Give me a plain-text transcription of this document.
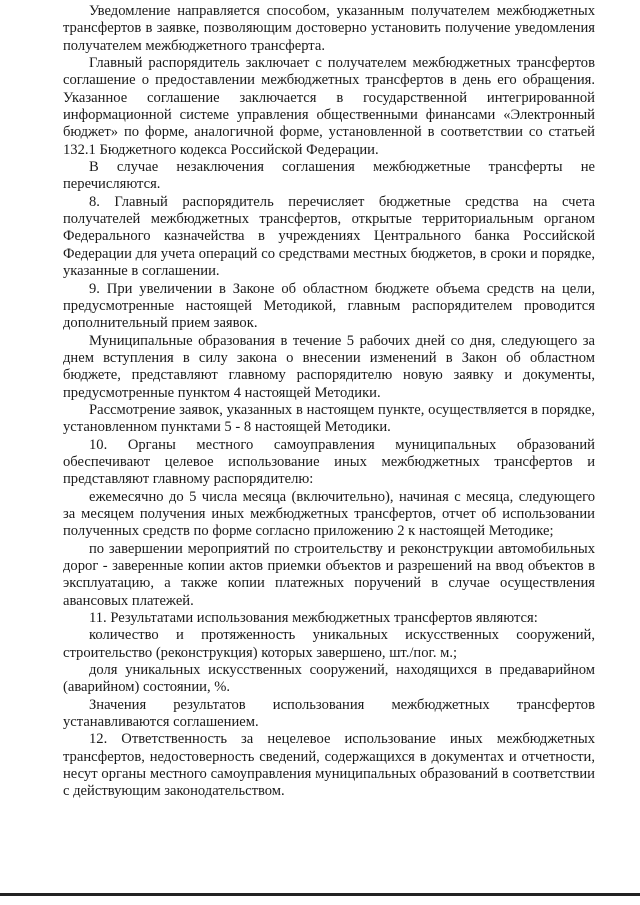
Уведомление направляется способом, указанным получателем межбюджетных трансфертов в заявке, позволяющим достоверно установить получение уведомления получателем межбюджетного трансферта.

Главный распорядитель заключает с получателем межбюджетных трансфертов соглашение о предоставлении межбюджетных трансфертов в день его обращения. Указанное соглашение заключается в государственной интегрированной информационной системе управления общественными финансами «Электронный бюджет» по форме, аналогичной форме, установленной в соответствии со статьей 132.1 Бюджетного кодекса Российской Федерации.

В случае незаключения соглашения межбюджетные трансферты не перечисляются.

8. Главный распорядитель перечисляет бюджетные средства на счета получателей межбюджетных трансфертов, открытые территориальным органом Федерального казначейства в учреждениях Центрального банка Российской Федерации для учета операций со средствами местных бюджетов, в сроки и порядке, указанные в соглашении.

9. При увеличении в Законе об областном бюджете объема средств на цели, предусмотренные настоящей Методикой, главным распорядителем проводится дополнительный прием заявок.

Муниципальные образования в течение 5 рабочих дней со дня, следующего за днем вступления в силу закона о внесении изменений в Закон об областном бюджете, представляют главному распорядителю новую заявку и документы, предусмотренные пунктом 4 настоящей Методики.

Рассмотрение заявок, указанных в настоящем пункте, осуществляется в порядке, установленном пунктами 5 - 8 настоящей Методики.

10. Органы местного самоуправления муниципальных образований обеспечивают целевое использование иных межбюджетных трансфертов и представляют главному распорядителю:

ежемесячно до 5 числа месяца (включительно), начиная с месяца, следующего за месяцем получения иных межбюджетных трансфертов, отчет об использовании полученных средств по форме согласно приложению 2 к настоящей Методике;

по завершении мероприятий по строительству и реконструкции автомобильных дорог - заверенные копии актов приемки объектов и разрешений на ввод объектов в эксплуатацию, а также копии платежных поручений в случае осуществления авансовых платежей.

11. Результатами использования межбюджетных трансфертов являются:

количество и протяженность уникальных искусственных сооружений, строительство (реконструкция) которых завершено, шт./пог. м.;

доля уникальных искусственных сооружений, находящихся в предаварийном (аварийном) состоянии, %.

Значения результатов использования межбюджетных трансфертов устанавливаются соглашением.

12. Ответственность за нецелевое использование иных межбюджетных трансфертов, недостоверность сведений, содержащихся в документах и отчетности, несут органы местного самоуправления муниципальных образований в соответствии с действующим законодательством.
